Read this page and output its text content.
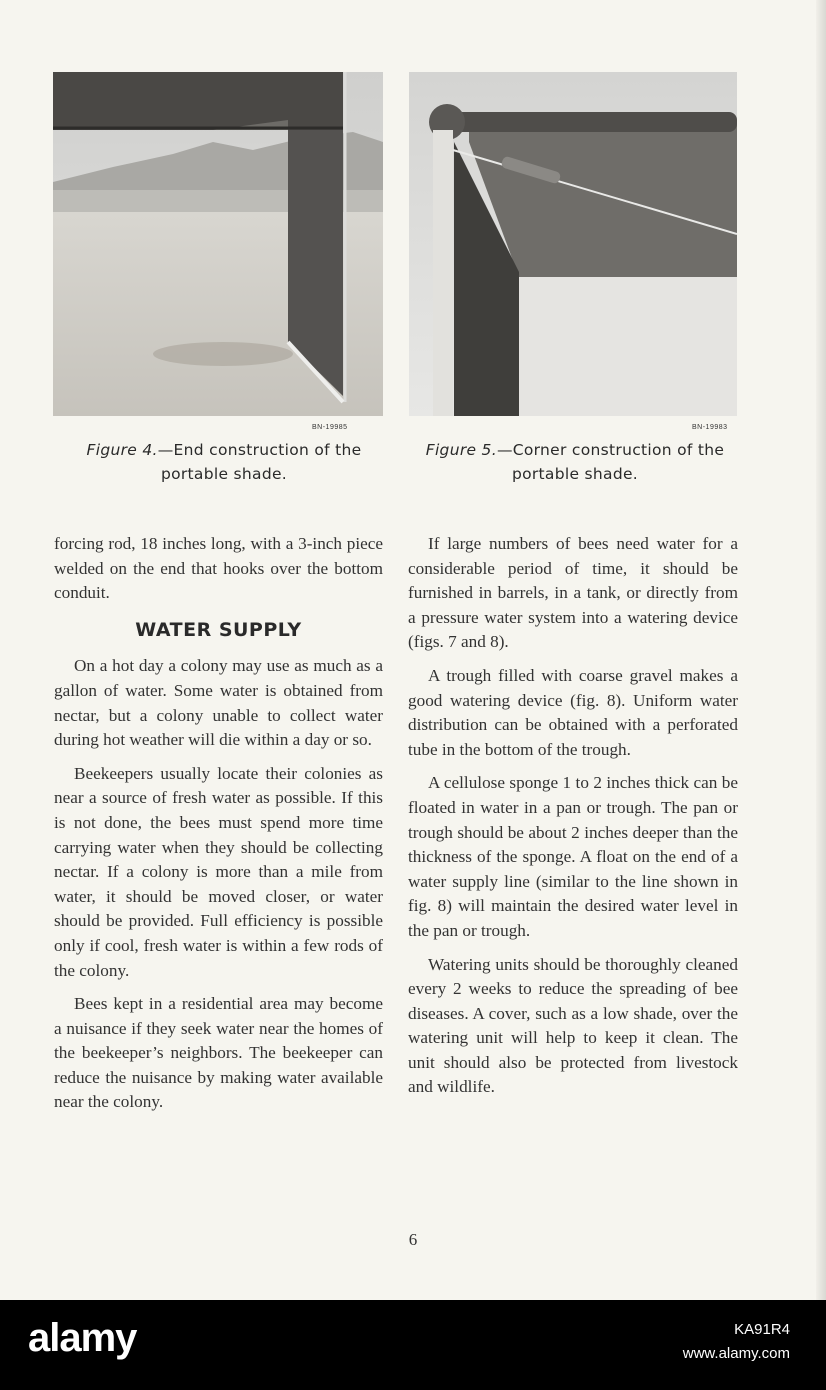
BN-19985
Figure 4.—End construction of the portable shade.
BN-19983
Figure 5.—Corner construction of the portable shade.

forcing rod, 18 inches long, with a 3-inch piece welded on the end that hooks over the bottom conduit.

WATER SUPPLY

On a hot day a colony may use as much as a gallon of water. Some water is obtained from nectar, but a colony unable to collect water during hot weather will die within a day or so.

Beekeepers usually locate their colonies as near a source of fresh water as possible. If this is not done, the bees must spend more time carrying water when they should be collecting nectar. If a colony is more than a mile from water, it should be moved closer, or water should be provided. Full efficiency is possible only if cool, fresh water is within a few rods of the colony.

Bees kept in a residential area may become a nuisance if they seek water near the homes of the beekeeper’s neighbors. The beekeeper can reduce the nuisance by making water available near the colony.

If large numbers of bees need water for a considerable period of time, it should be furnished in barrels, in a tank, or directly from a pressure water system into a watering device (figs. 7 and 8).

A trough filled with coarse gravel makes a good watering device (fig. 8). Uniform water distribution can be obtained with a perforated tube in the bottom of the trough.

A cellulose sponge 1 to 2 inches thick can be floated in water in a pan or trough. The pan or trough should be about 2 inches deeper than the thickness of the sponge. A float on the end of a water supply line (similar to the line shown in fig. 8) will maintain the desired water level in the pan or trough.

Watering units should be thoroughly cleaned every 2 weeks to reduce the spreading of bee diseases. A cover, such as a low shade, over the watering unit will help to keep it clean. The unit should also be protected from livestock and wildlife.

6
alamy	KA91R4
www.alamy.com
